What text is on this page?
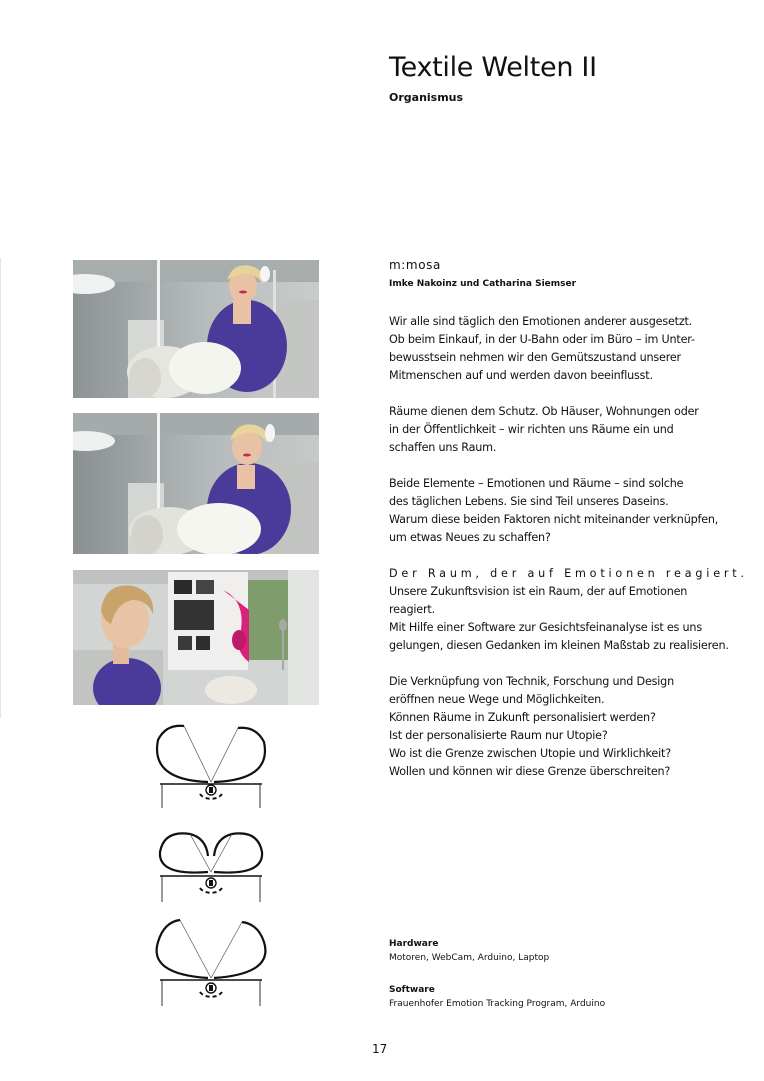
Textile Welten II
Organismus
m:mosa
Imke Nakoinz und Catharina Siemser

Wir alle sind täglich den Emotionen anderer ausgesetzt.
Ob beim Einkauf, in der U-Bahn oder im Büro – im Unter-
bewusstsein nehmen wir den Gemütszustand unserer
Mitmenschen auf und werden davon beeinflusst.

Räume dienen dem Schutz. Ob Häuser, Wohnungen oder
in der Öffentlichkeit – wir richten uns Räume ein und
schaffen uns Raum.

Beide Elemente – Emotionen und Räume – sind solche
des täglichen Lebens. Sie sind Teil unseres Daseins.
Warum diese beiden Faktoren nicht miteinander verknüpfen,
um etwas Neues zu schaffen?

Der Raum, der auf Emotionen reagiert.
Unsere Zukunftsvision ist ein Raum, der auf Emotionen
reagiert.
Mit Hilfe einer Software zur Gesichtsfeinanalyse ist es uns
gelungen, diesen Gedanken im kleinen Maßstab zu realisieren.

Die Verknüpfung von Technik, Forschung und Design
eröffnen neue Wege und Möglichkeiten.
Können Räume in Zukunft personalisiert werden?
Ist der personalisierte Raum nur Utopie?
Wo ist die Grenze zwischen Utopie und Wirklichkeit?
Wollen und können wir diese Grenze überschreiten?

Hardware
Motoren, WebCam, Arduino, Laptop
Software
Frauenhofer Emotion Tracking Program, Arduino
17
